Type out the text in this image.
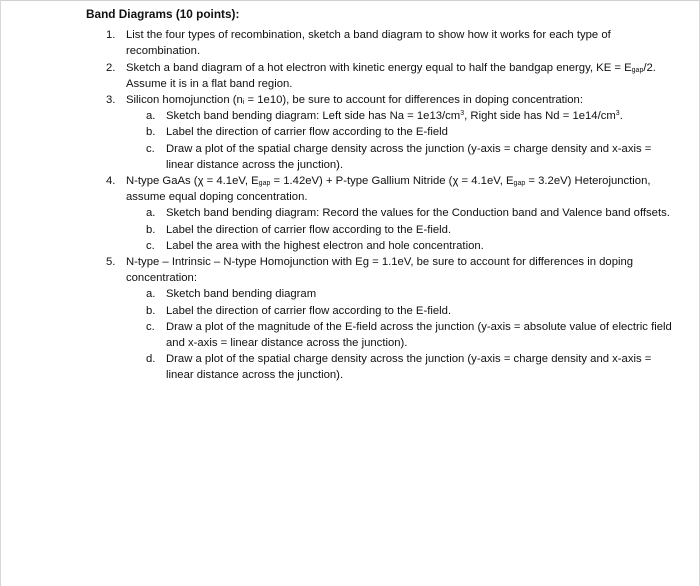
Band Diagrams (10 points):
1. List the four types of recombination, sketch a band diagram to show how it works for each type of recombination.
2. Sketch a band diagram of a hot electron with kinetic energy equal to half the bandgap energy, KE = $E_{gap}/2$. Assume it is in a flat band region.
3. Silicon homojunction $(n_i = 1e10)$, be sure to account for differences in doping concentration:
a. Sketch band bending diagram: Left side has $Na = 1e13/cm^3$, Right side has $Nd = 1e14/cm^3$.
b. Label the direction of carrier flow according to the E-field
c. Draw a plot of the spatial charge density across the junction (y-axis = charge density and x-axis = linear distance across the junction).
4. N-type GaAs (χ = 4.1eV, $E_{gap} = 1.42eV$) + P-type Gallium Nitride (χ = 4.1eV, $E_{gap} = 3.2eV$) Heterojunction, assume equal doping concentration.
a. Sketch band bending diagram: Record the values for the Conduction band and Valence band offsets.
b. Label the direction of carrier flow according to the E-field.
c. Label the area with the highest electron and hole concentration.
5. N-type – Intrinsic – N-type Homojunction with Eg = 1.1eV, be sure to account for differences in doping concentration:
a. Sketch band bending diagram
b. Label the direction of carrier flow according to the E-field.
c. Draw a plot of the magnitude of the E-field across the junction (y-axis = absolute value of electric field and x-axis = linear distance across the junction).
d. Draw a plot of the spatial charge density across the junction (y-axis = charge density and x-axis = linear distance across the junction).
